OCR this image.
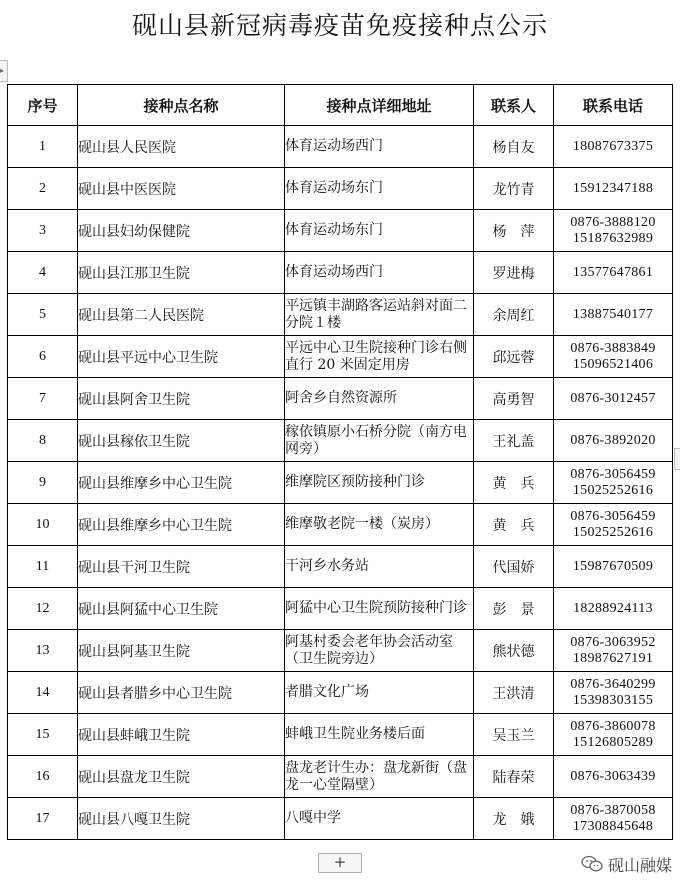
砚山县新冠病毒疫苗免疫接种点公示
▸
序号	接种点名称	接种点详细地址	联系人	联系电话
1	砚山县人民医院	体育运动场西门	杨自友	18087673375

2	砚山县中医医院	体育运动场东门	龙竹青	15912347188

3	砚山县妇幼保健院	体育运动场东门	杨　萍	0876-3888120
15187632989

4	砚山县江那卫生院	体育运动场西门	罗进梅	13577647861

5	砚山县第二人民医院	平远镇丰湖路客运站斜对面二分院１楼	余周红	13887540177

6	砚山县平远中心卫生院	平远中心卫生院接种门诊右侧直行 20 米固定用房	邱远蓉	0876-3883849
15096521406

7	砚山县阿舍卫生院	阿舍乡自然资源所	高勇智	0876-3012457

8	砚山县稼依卫生院	稼依镇原小石桥分院（南方电网旁）	王礼盖	0876-3892020

9	砚山县维摩乡中心卫生院	维摩院区预防接种门诊	黄　兵	0876-3056459
15025252616

10	砚山县维摩乡中心卫生院	维摩敬老院一楼（炭房）	黄　兵	0876-3056459
15025252616

11	砚山县干河卫生院	干河乡水务站	代国娇	15987670509

12	砚山县阿猛中心卫生院	阿猛中心卫生院预防接种门诊	彭　景	18288924113

13	砚山县阿基卫生院	阿基村委会老年协会活动室（卫生院旁边）	熊状德	0876-3063952
18987627191

14	砚山县者腊乡中心卫生院	者腊文化广场	王洪清	0876-3640299
15398303155

15	砚山县蚌峨卫生院	蚌峨卫生院业务楼后面	吴玉兰	0876-3860078
15126805289

16	砚山县盘龙卫生院	盘龙老计生办：盘龙新街（盘龙一心堂隔壁）	陆春荣	0876-3063439

17	砚山县八嘎卫生院	八嘎中学	龙　娥	0876-3870058
17308845648
+	砚山融媒
